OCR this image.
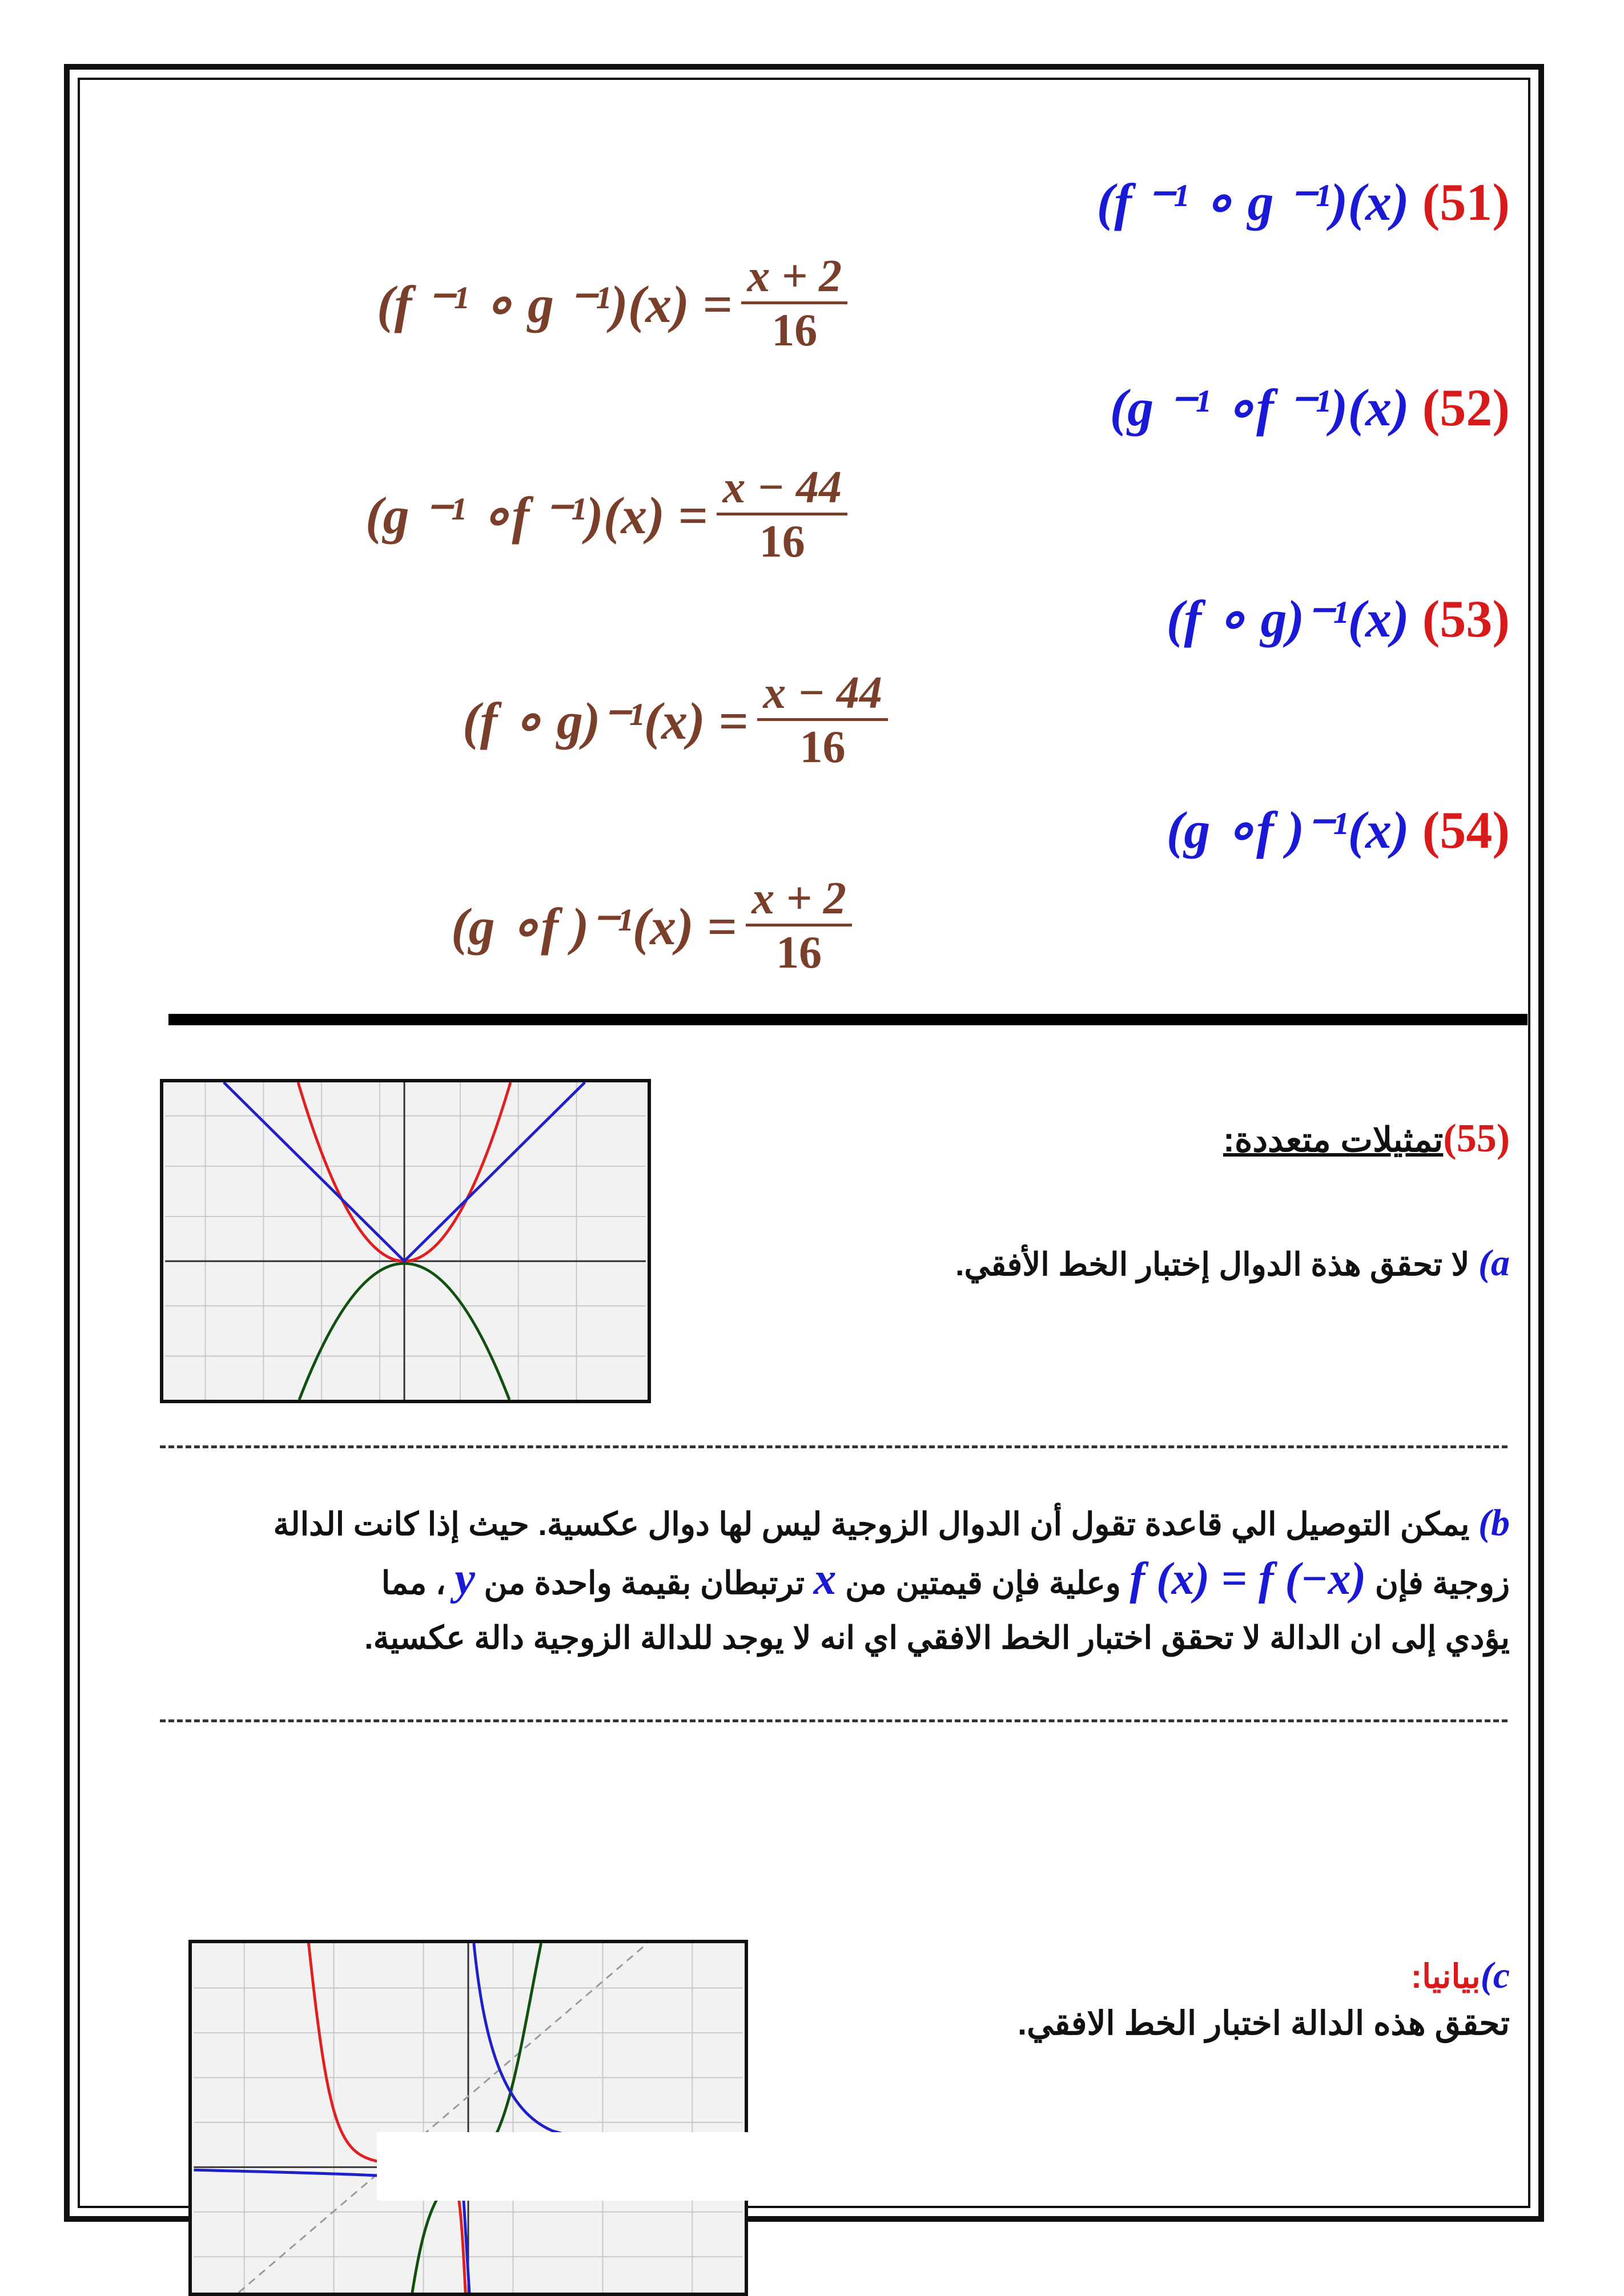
(f ⁻¹ ∘ g ⁻¹)(x) (51)
(g ⁻¹ ∘f ⁻¹)(x) (52)
(f ∘ g)⁻¹(x) (53)
(g ∘f )⁻¹(x) (54)
(f ⁻¹ ∘ g $^{-1})(x) = \frac{x + 2}{16}$
(g ⁻¹ ∘f $^{-1})(x) = \frac{x - 44}{16}$
(f ∘ $g)^{-1}(x) = \frac{x - 44}{16}$
(g ∘f )$^{-1}(x) = \frac{x + 2}{16}$
(55)تمثيلات متعددة:
a) لا تحقق هذة الدوال إختبار الخط الأفقي.
b) يمكن التوصيل الي قاعدة تقول أن الدوال الزوجية ليس لها دوال عكسية. حيث إذا كانت الدالة
زوجية فإن f (x) = f (−x) وعلية فإن قيمتين من x ترتبطان بقيمة واحدة من y ، مما
يؤدي إلى ان الدالة لا تحقق اختبار الخط الافقي اي انه لا يوجد للدالة الزوجية دالة عكسية.
c)بيانيا:
تحقق هذه الدالة اختبار الخط الافقي.
